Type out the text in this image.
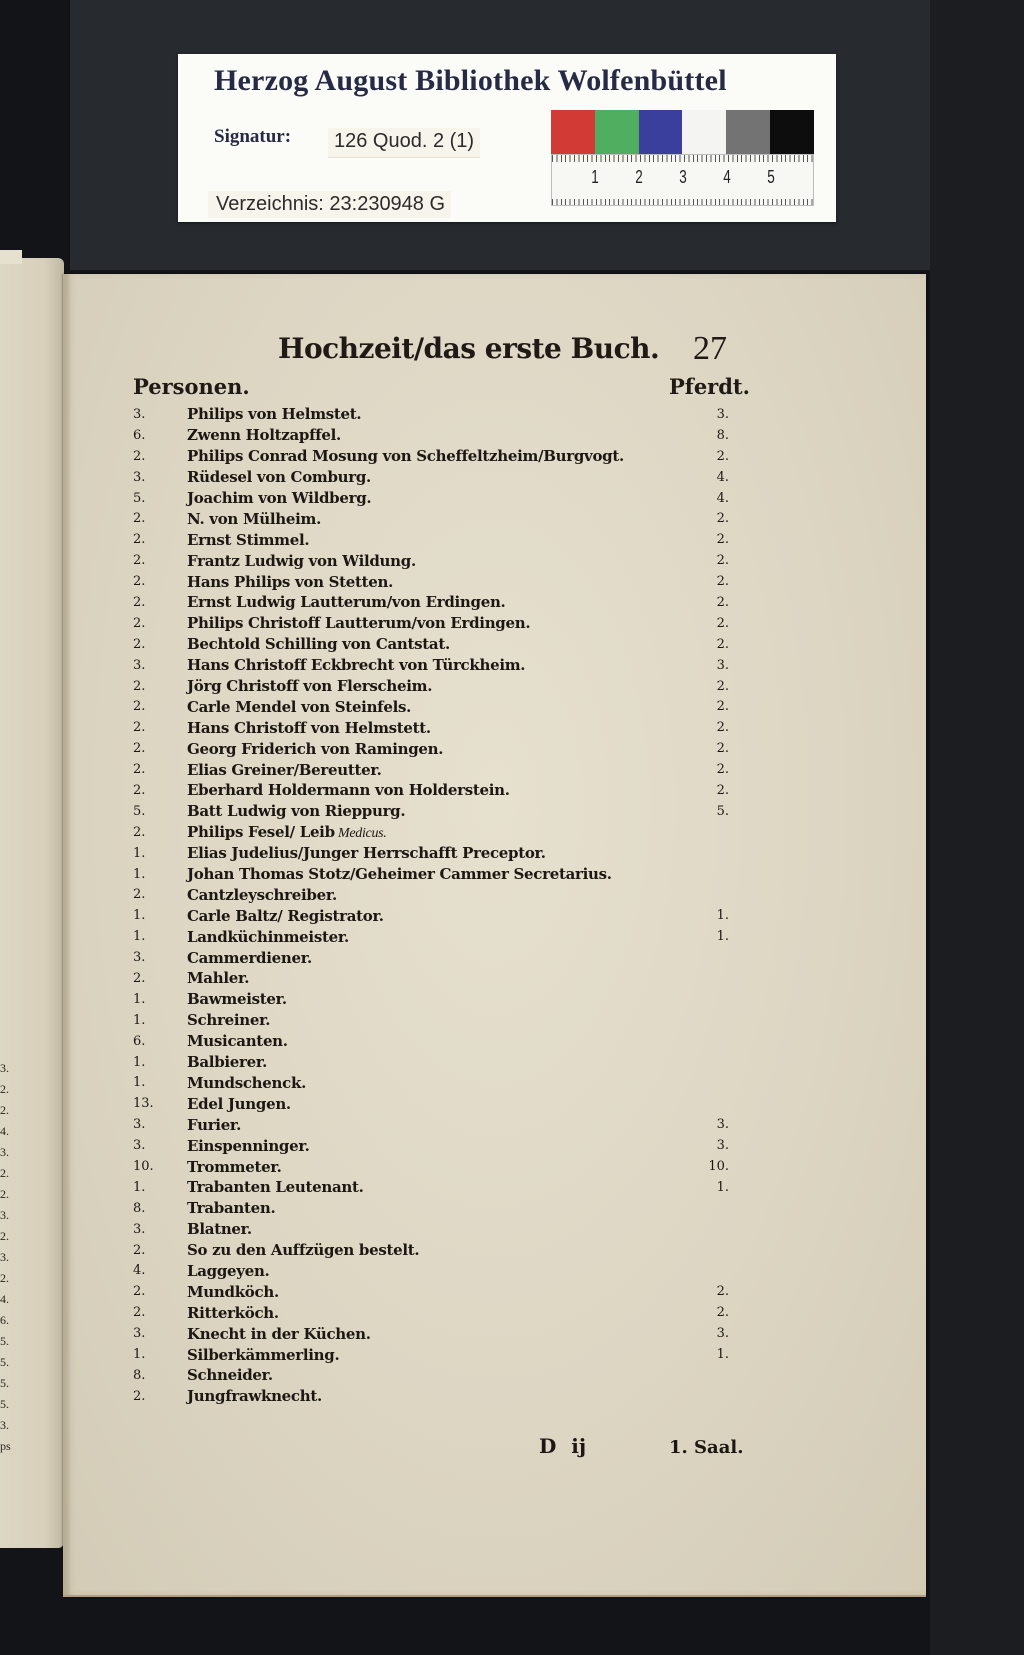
3.
2.
2.
4.
3.
2.
2.
3.
2.
3.
2.
4.
6.
5.
5.
5.
5.
3.
ps
Hochzeit/das erste Buch. 27
Personen.	Pferdt.
3.	Philips von Helmstet.	3.
6.	Zwenn Holtzapffel.	8.
2.	Philips Conrad Mosung von Scheffeltzheim/Burgvogt.	2.
3.	Rüdesel von Comburg.	4.
5.	Joachim von Wildberg.	4.
2.	N. von Mülheim.	2.
2.	Ernst Stimmel.	2.
2.	Frantz Ludwig von Wildung.	2.
2.	Hans Philips von Stetten.	2.
2.	Ernst Ludwig Lautterum/von Erdingen.	2.
2.	Philips Christoff Lautterum/von Erdingen.	2.
2.	Bechtold Schilling von Cantstat.	2.
3.	Hans Christoff Eckbrecht von Türckheim.	3.
2.	Jörg Christoff von Flerscheim.	2.
2.	Carle Mendel von Steinfels.	2.
2.	Hans Christoff von Helmstett.	2.
2.	Georg Friderich von Ramingen.	2.
2.	Elias Greiner/Bereutter.	2.
2.	Eberhard Holdermann von Holderstein.	2.
5.	Batt Ludwig von Rieppurg.	5.
2.	Philips Fesel/ Leib Medicus.
1.	Elias Judelius/Junger Herrschafft Preceptor.
1.	Johan Thomas Stotz/Geheimer Cammer Secretarius.
2.	Cantzleyschreiber.
1.	Carle Baltz/ Registrator.	1.
1.	Landküchinmeister.	1.
3.	Cammerdiener.
2.	Mahler.
1.	Bawmeister.
1.	Schreiner.
6.	Musicanten.
1.	Balbierer.
1.	Mundschenck.
13.	Edel Jungen.
3.	Furier.	3.
3.	Einspenninger.	3.
10.	Trommeter.	10.
1.	Trabanten Leutenant.	1.
8.	Trabanten.
3.	Blatner.
2.	So zu den Auffzügen bestelt.
4.	Laggeyen.
2.	Mundköch.	2.
2.	Ritterköch.	2.
3.	Knecht in der Küchen.	3.
1.	Silberkämmerling.	1.
8.	Schneider.
2.	Jungfrawknecht.
D ij	1. Saal.
Herzog August Bibliothek Wolfenbüttel
Signatur:	126 Quod. 2 (1)
Verzeichnis: 23:230948 G
1 2 3 4 5
